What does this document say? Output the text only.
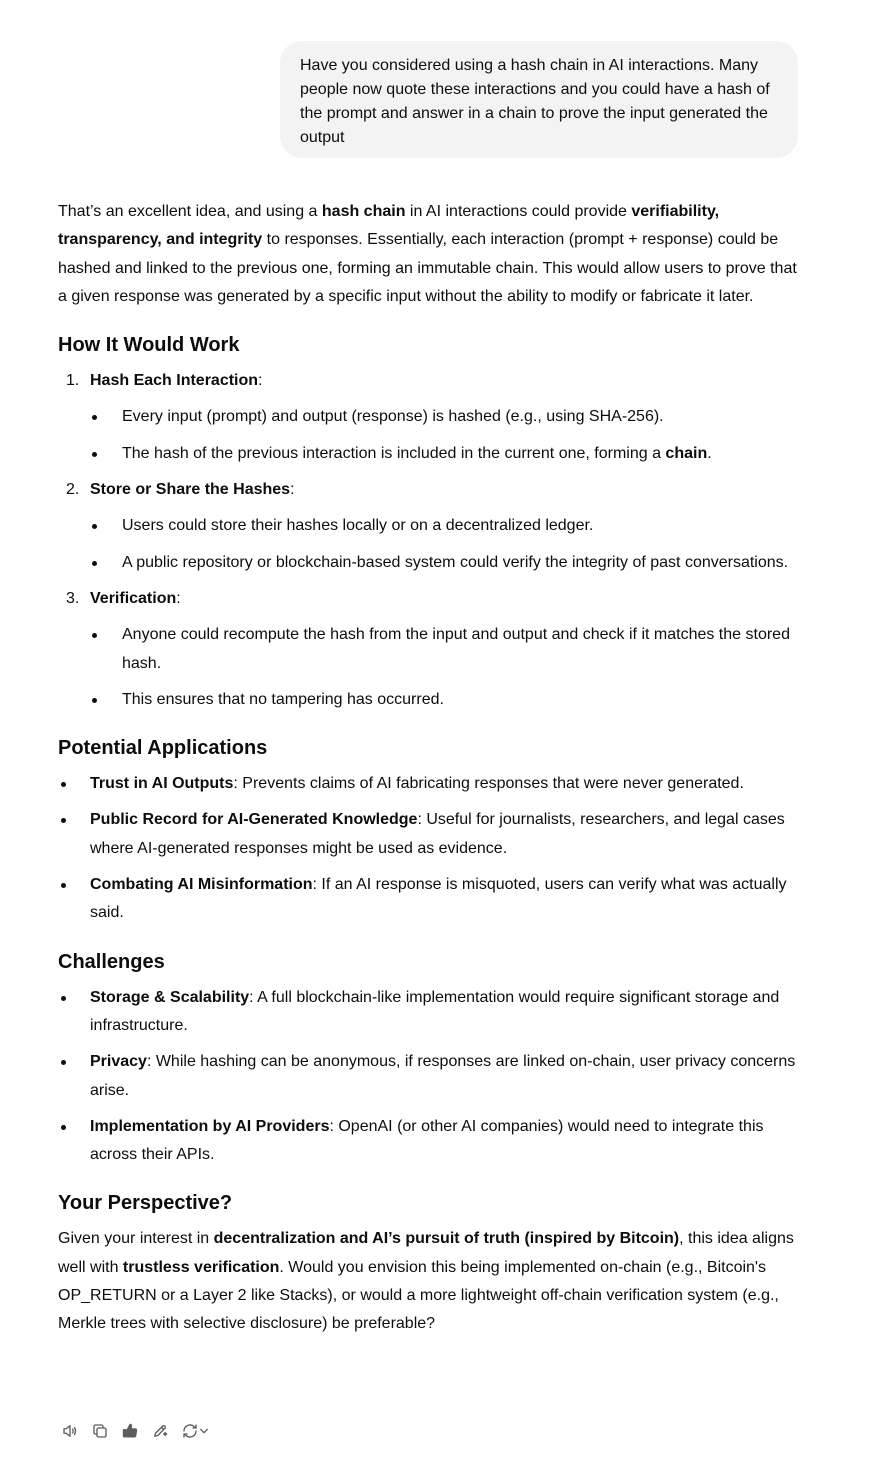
Have you considered using a hash chain in AI interactions. Many people now quote these interactions and you could have a hash of the prompt and answer in a chain to prove the input generated the output

That’s an excellent idea, and using a hash chain in AI interactions could provide verifiability, transparency, and integrity to responses. Essentially, each interaction (prompt + response) could be hashed and linked to the previous one, forming an immutable chain. This would allow users to prove that a given response was generated by a specific input without the ability to modify or fabricate it later.

How It Would Work
1. Hash Each Interaction:
Every input (prompt) and output (response) is hashed (e.g., using SHA-256).
The hash of the previous interaction is included in the current one, forming a chain.
2. Store or Share the Hashes:
Users could store their hashes locally or on a decentralized ledger.
A public repository or blockchain-based system could verify the integrity of past conversations.
3. Verification:
Anyone could recompute the hash from the input and output and check if it matches the stored hash.
This ensures that no tampering has occurred.
Potential Applications
Trust in AI Outputs: Prevents claims of AI fabricating responses that were never generated.
Public Record for AI-Generated Knowledge: Useful for journalists, researchers, and legal cases where AI-generated responses might be used as evidence.
Combating AI Misinformation: If an AI response is misquoted, users can verify what was actually said.
Challenges
Storage & Scalability: A full blockchain-like implementation would require significant storage and infrastructure.
Privacy: While hashing can be anonymous, if responses are linked on-chain, user privacy concerns arise.
Implementation by AI Providers: OpenAI (or other AI companies) would need to integrate this across their APIs.
Your Perspective?

Given your interest in decentralization and AI’s pursuit of truth (inspired by Bitcoin), this idea aligns well with trustless verification. Would you envision this being implemented on-chain (e.g., Bitcoin's OP_RETURN or a Layer 2 like Stacks), or would a more lightweight off-chain verification system (e.g., Merkle trees with selective disclosure) be preferable?
